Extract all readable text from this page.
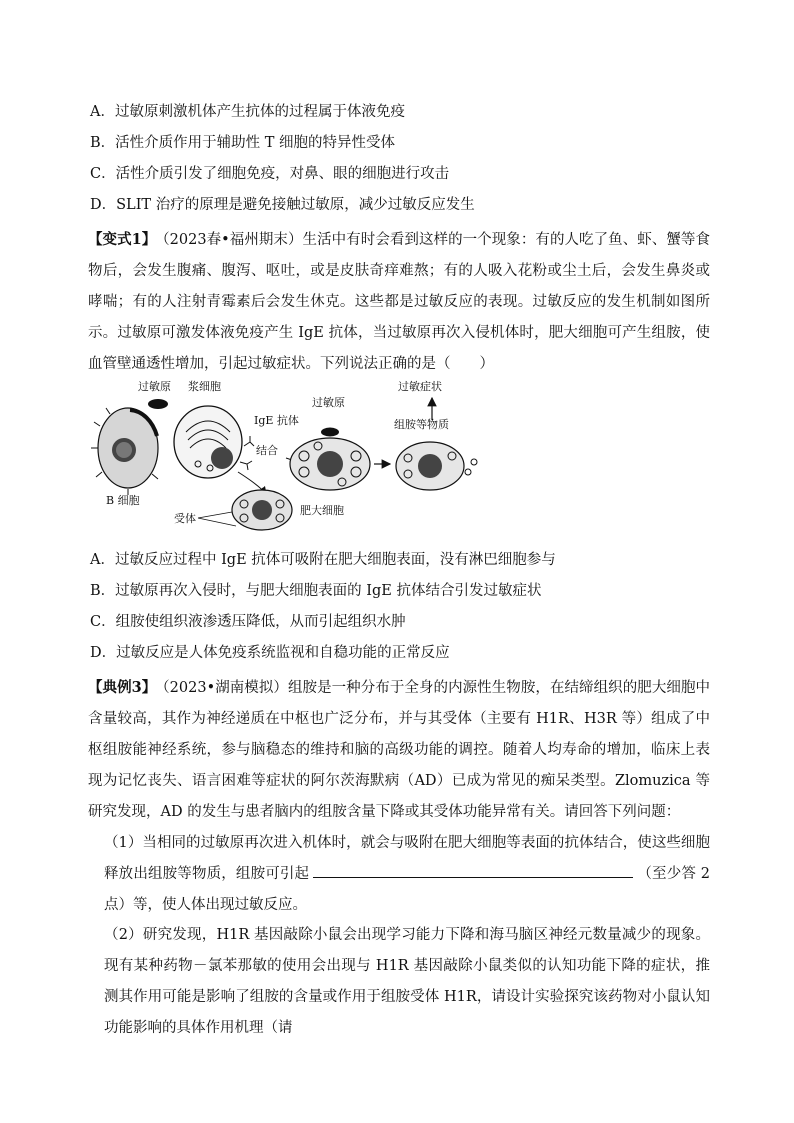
A．过敏原刺激机体产生抗体的过程属于体液免疫
B．活性介质作用于辅助性 T 细胞的特异性受体
C．活性介质引发了细胞免疫，对鼻、眼的细胞进行攻击
D．SLIT 治疗的原理是避免接触过敏原，减少过敏反应发生
【变式1】 （2023春•福州期末）生活中有时会看到这样的一个现象：有的人吃了鱼、虾、蟹等食物后，会发生腹痛、腹泻、呕吐，或是皮肤奇痒难熬；有的人吸入花粉或尘土后，会发生鼻炎或哮喘；有的人注射青霉素后会发生休克。这些都是过敏反应的表现。过敏反应的发生机制如图所示。过敏原可激发体液免疫产生 IgE 抗体，当过敏原再次入侵机体时，肥大细胞可产生组胺，使血管壁通透性增加，引起过敏症状。下列说法正确的是（　　）
过敏原
B 细胞
浆细胞
IgE 抗体
结合
受体
过敏原
肥大细胞
组胺等物质
过敏症状
A．过敏反应过程中 IgE 抗体可吸附在肥大细胞表面，没有淋巴细胞参与
B．过敏原再次入侵时，与肥大细胞表面的 IgE 抗体结合引发过敏症状
C．组胺使组织液渗透压降低，从而引起组织水肿
D．过敏反应是人体免疫系统监视和自稳功能的正常反应
【典例3】 （2023•湖南模拟）组胺是一种分布于全身的内源性生物胺，在结缔组织的肥大细胞中含量较高，其作为神经递质在中枢也广泛分布，并与其受体（主要有 H1R、H3R 等）组成了中枢组胺能神经系统，参与脑稳态的维持和脑的高级功能的调控。随着人均寿命的增加，临床上表现为记忆丧失、语言困难等症状的阿尔茨海默病（AD）已成为常见的痴呆类型。Zlomuzica 等研究发现，AD 的发生与患者脑内的组胺含量下降或其受体功能异常有关。请回答下列问题：
（1）当相同的过敏原再次进入机体时，就会与吸附在肥大细胞等表面的抗体结合，使这些细胞释放出组胺等物质，组胺可引起	（至少答 2 点）等，使人体出现过敏反应。
（2）研究发现，H1R 基因敲除小鼠会出现学习能力下降和海马脑区神经元数量减少的现象。现有某种药物－氯苯那敏的使用会出现与 H1R 基因敲除小鼠类似的认知功能下降的症状，推测其作用可能是影响了组胺的含量或作用于组胺受体 H1R，请设计实验探究该药物对小鼠认知功能影响的具体作用机理（请
